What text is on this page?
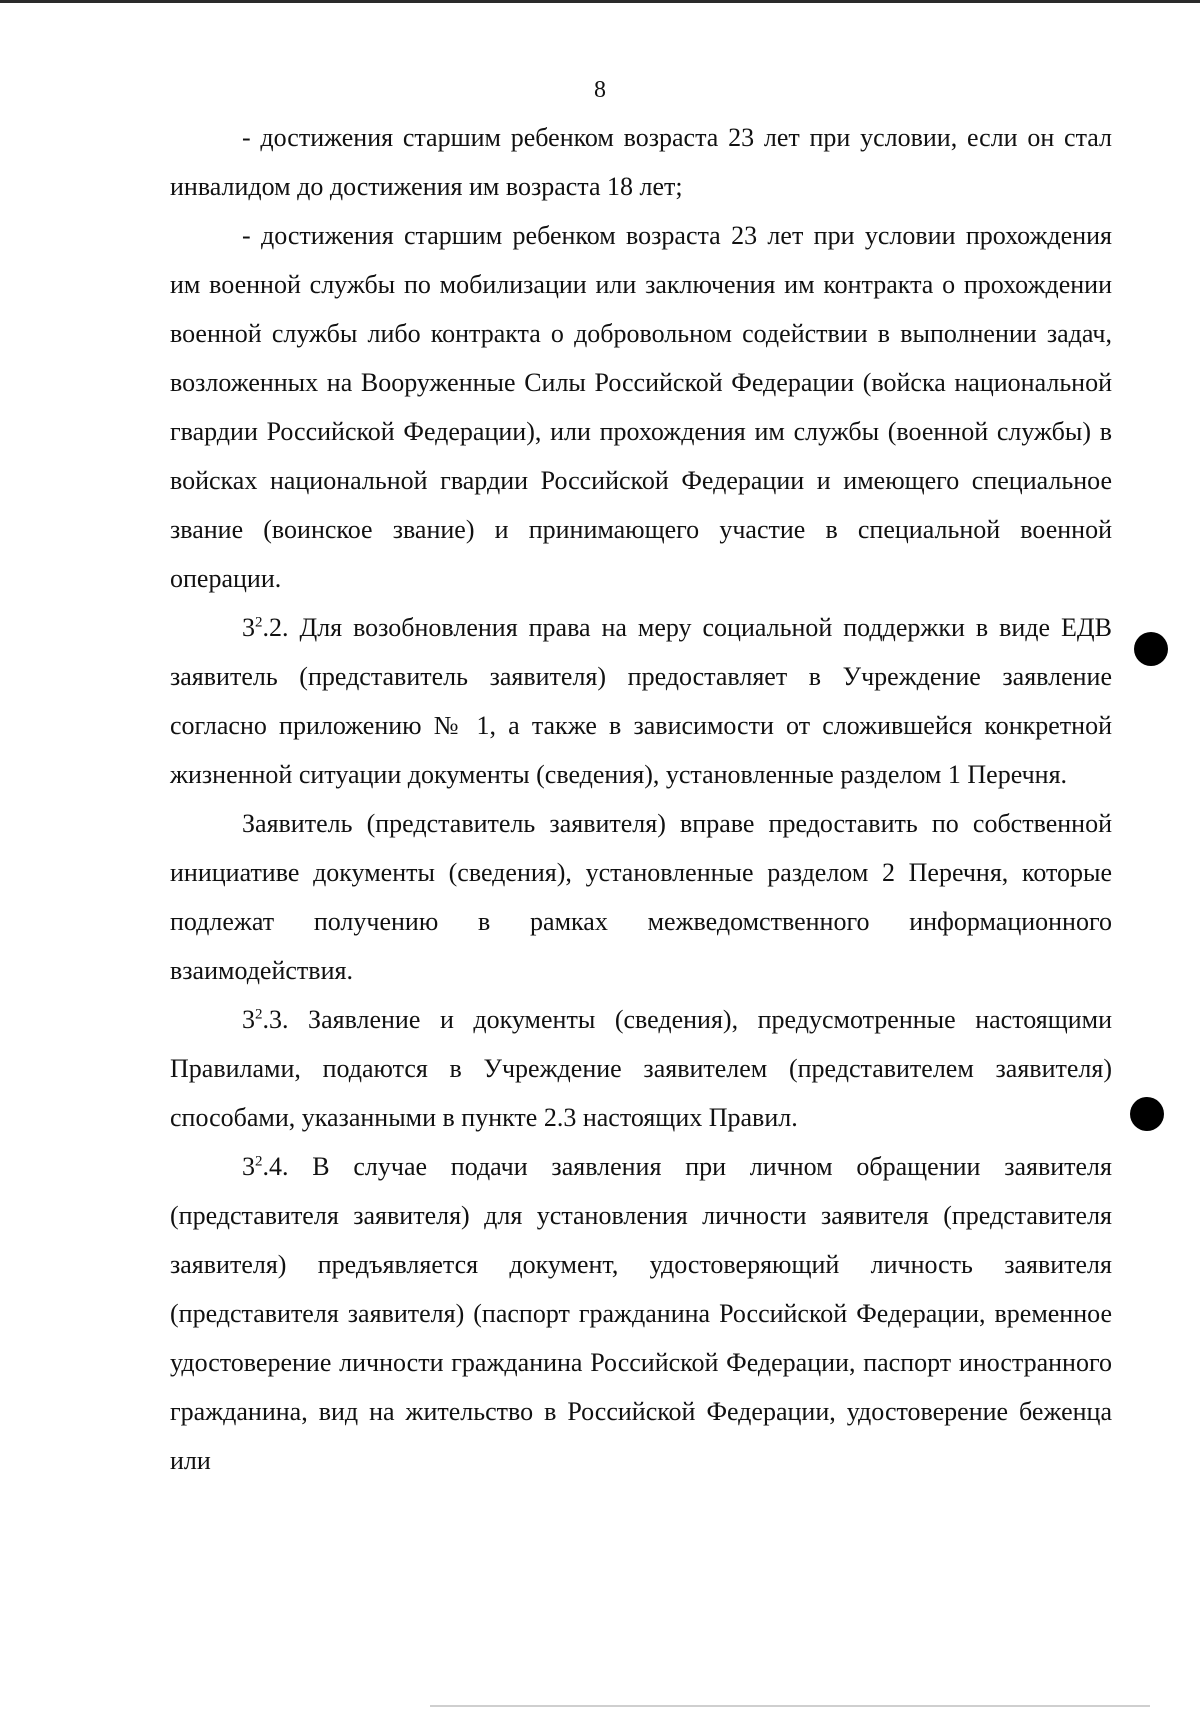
8

- достижения старшим ребенком возраста 23 лет при условии, если он стал инвалидом до достижения им возраста 18 лет;

- достижения старшим ребенком возраста 23 лет при условии прохождения им военной службы по мобилизации или заключения им контракта о прохождении военной службы либо контракта о добровольном содействии в выполнении задач, возложенных на Вооруженные Силы Российской Федерации (войска национальной гвардии Российской Федерации), или прохождения им службы (военной службы) в войсках национальной гвардии Российской Федерации и имеющего специальное звание (воинское звание) и принимающего участие в специальной военной операции.

$3^2.2$. Для возобновления права на меру социальной поддержки в виде ЕДВ заявитель (представитель заявителя) предоставляет в Учреждение заявление согласно приложению № 1, а также в зависимости от сложившейся конкретной жизненной ситуации документы (сведения), установленные разделом 1 Перечня.

Заявитель (представитель заявителя) вправе предоставить по собственной инициативе документы (сведения), установленные разделом 2 Перечня, которые подлежат получению в рамках межведомственного информационного взаимодействия.

$3^2.3$. Заявление и документы (сведения), предусмотренные настоящими Правилами, подаются в Учреждение заявителем (представителем заявителя) способами, указанными в пункте 2.3 настоящих Правил.

$3^2.4$. В случае подачи заявления при личном обращении заявителя (представителя заявителя) для установления личности заявителя (представителя заявителя) предъявляется документ, удостоверяющий личность заявителя (представителя заявителя) (паспорт гражданина Российской Федерации, временное удостоверение личности гражданина Российской Федерации, паспорт иностранного гражданина, вид на жительство в Российской Федерации, удостоверение беженца или
